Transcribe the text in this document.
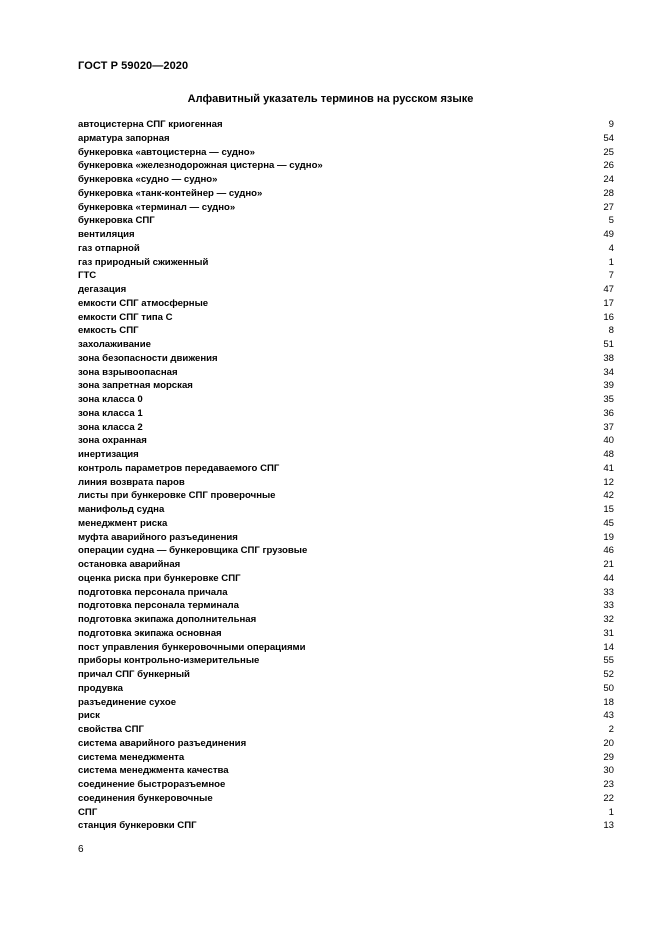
ГОСТ Р 59020—2020
Алфавитный указатель терминов на русском языке
автоцистерна СПГ криогенная	9
арматура запорная	54
бункеровка «автоцистерна — судно»	25
бункеровка «железнодорожная цистерна — судно»	26
бункеровка «судно — судно»	24
бункеровка «танк-контейнер — судно»	28
бункеровка «терминал — судно»	27
бункеровка СПГ	5
вентиляция	49
газ отпарной	4
газ природный сжиженный	1
ГТС	7
дегазация	47
емкости СПГ атмосферные	17
емкости СПГ типа С	16
емкость СПГ	8
захолаживание	51
зона безопасности движения	38
зона взрывоопасная	34
зона запретная морская	39
зона класса 0	35
зона класса 1	36
зона класса 2	37
зона охранная	40
инертизация	48
контроль параметров передаваемого СПГ	41
линия возврата паров	12
листы при бункеровке СПГ проверочные	42
манифольд судна	15
менеджмент риска	45
муфта аварийного разъединения	19
операции судна — бункеровщика СПГ грузовые	46
остановка аварийная	21
оценка риска при бункеровке СПГ	44
подготовка персонала причала	33
подготовка персонала терминала	33
подготовка экипажа дополнительная	32
подготовка экипажа основная	31
пост управления бункеровочными операциями	14
приборы контрольно-измерительные	55
причал СПГ бункерный	52
продувка	50
разъединение сухое	18
риск	43
свойства СПГ	2
система аварийного разъединения	20
система менеджмента	29
система менеджмента качества	30
соединение быстроразъемное	23
соединения бункеровочные	22
СПГ	1
станция бункеровки СПГ	13
6
